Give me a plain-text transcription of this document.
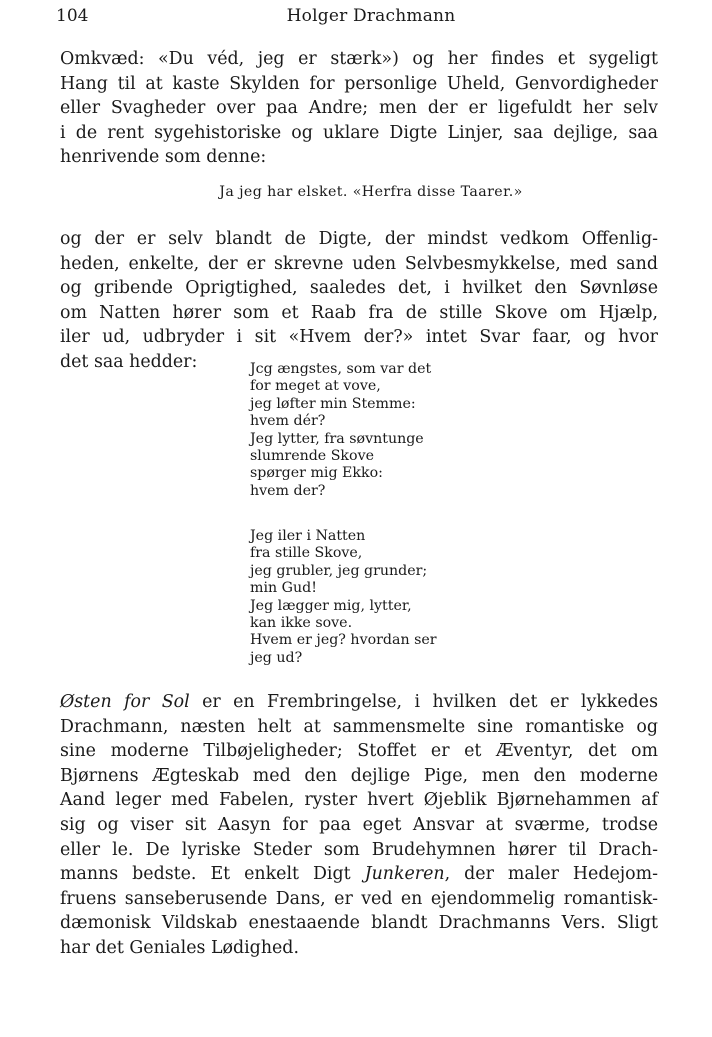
104	Holger Drachmann
Omkvæd: «Du véd, jeg er stærk») og her findes et sygeligt
Hang til at kaste Skylden for personlige Uheld, Genvordigheder
eller Svagheder over paa Andre; men der er ligefuldt her selv
i de rent sygehistoriske og uklare Digte Linjer, saa dejlige, saa
henrivende som denne:
Ja jeg har elsket. «Herfra disse Taarer.»
og der er selv blandt de Digte, der mindst vedkom Offenlig-
heden, enkelte, der er skrevne uden Selvbesmykkelse, med sand
og gribende Oprigtighed, saaledes det, i hvilket den Søvnløse
om Natten hører som et Raab fra de stille Skove om Hjælp,
iler ud, udbryder i sit «Hvem der?» intet Svar faar, og hvor
det saa hedder:	Jcg ængstes, som var det
for meget at vove,
jeg løfter min Stemme:
hvem dér?
Jeg lytter, fra søvntunge
slumrende Skove
spørger mig Ekko:
hvem der?
Jeg iler i Natten
fra stille Skove,
jeg grubler, jeg grunder;
min Gud!
Jeg lægger mig, lytter,
kan ikke sove.
Hvem er jeg? hvordan ser
jeg ud?
Østen for Sol er en Frembringelse, i hvilken det er lykkedes
Drachmann, næsten helt at sammensmelte sine romantiske og
sine moderne Tilbøjeligheder; Stoffet er et Æventyr, det om
Bjørnens Ægteskab med den dejlige Pige, men den moderne
Aand leger med Fabelen, ryster hvert Øjeblik Bjørnehammen af
sig og viser sit Aasyn for paa eget Ansvar at sværme, trodse
eller le. De lyriske Steder som Brudehymnen hører til Drach-
manns bedste. Et enkelt Digt Junkeren, der maler Hedejom-
fruens sanseberusende Dans, er ved en ejendommelig romantisk-
dæmonisk Vildskab enestaaende blandt Drachmanns Vers. Sligt
har det Geniales Lødighed.
